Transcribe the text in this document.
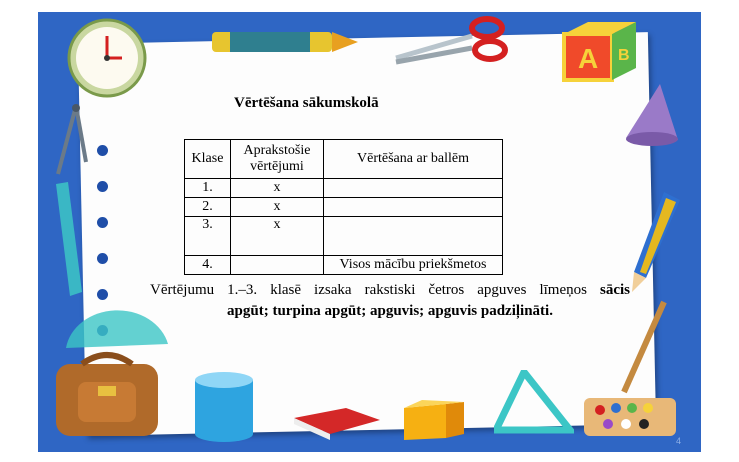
A B
Vērtēšana sākumskolā
Klase	Aprakstošie vērtējumi	Vērtēšana ar ballēm
1.	x	
2.	x	
3.	x	
4.		Visos mācību priekšmetos

Vērtējumu 1.–3. klasē izsaka rakstiski četros apguves līmeņos sācis

apgūt; turpina apgūt; apguvis; apguvis padziļināti.

4
